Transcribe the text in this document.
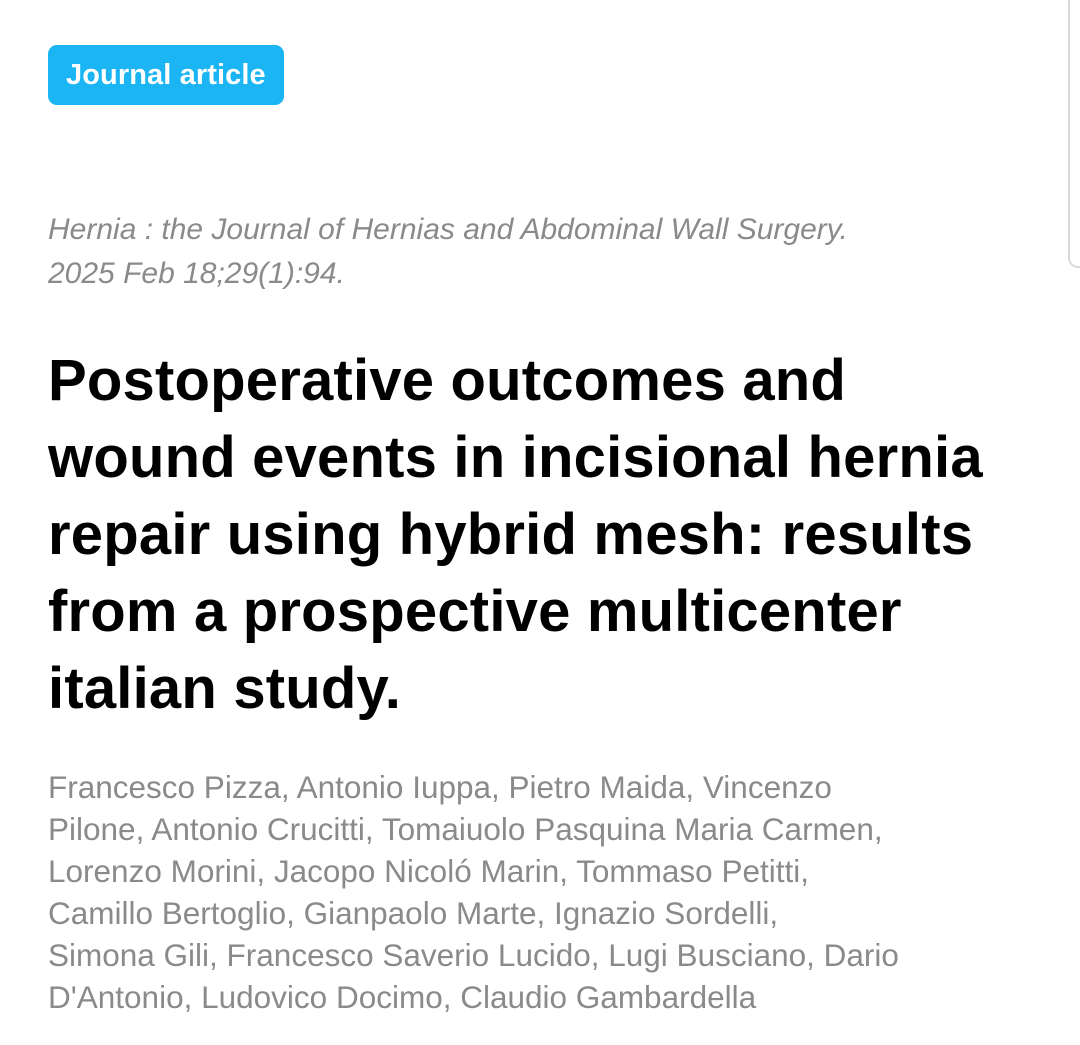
Journal article

Hernia : the Journal of Hernias and Abdominal Wall Surgery.
2025 Feb 18;29(1):94.

Postoperative outcomes and
wound events in incisional hernia
repair using hybrid mesh: results
from a prospective multicenter
italian study.

Francesco Pizza, Antonio Iuppa, Pietro Maida, Vincenzo
Pilone, Antonio Crucitti, Tomaiuolo Pasquina Maria Carmen,
Lorenzo Morini, Jacopo Nicoló Marin, Tommaso Petitti,
Camillo Bertoglio, Gianpaolo Marte, Ignazio Sordelli,
Simona Gili, Francesco Saverio Lucido, Lugi Busciano, Dario
D'Antonio, Ludovico Docimo, Claudio Gambardella
